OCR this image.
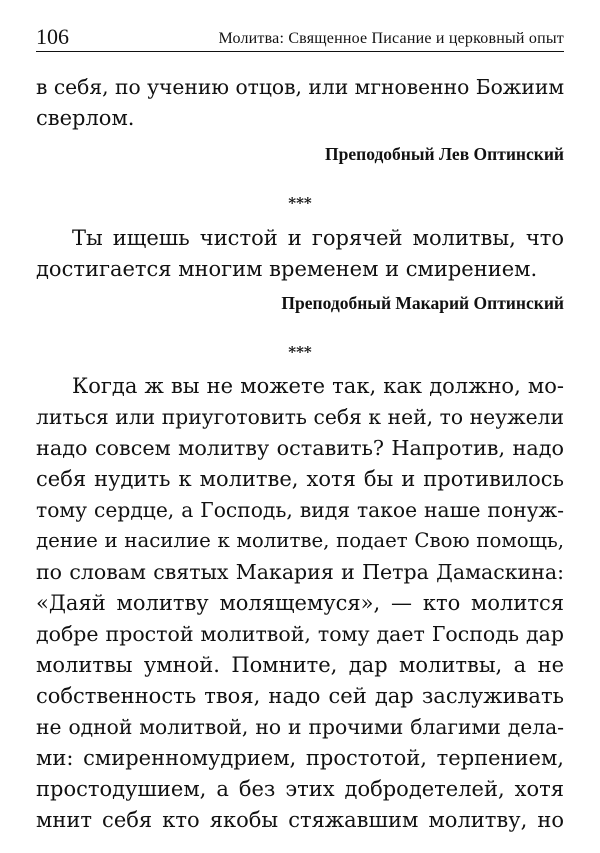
106	Молитва: Священное Писание и церковный опыт
в себя, по учению отцов, или мгновенно Божиим
сверлом.
Преподобный Лев Оптинский
***
Ты ищешь чистой и горячей молитвы, что
достигается многим временем и смирением.
Преподобный Макарий Оптинский
***
Когда ж вы не можете так, как должно, мо-
литься или приуготовить себя к ней, то неужели
надо совсем молитву оставить? Напротив, надо
себя нудить к молитве, хотя бы и противилось
тому сердце, а Господь, видя такое наше понуж-
дение и насилие к молитве, подает Свою помощь,
по словам святых Макария и Петра Дамаскина:
«Даяй молитву молящемуся», — кто молится
добре простой молитвой, тому дает Господь дар
молитвы умной. Помните, дар молитвы, а не
собственность твоя, надо сей дар заслуживать
не одной молитвой, но и прочими благими дела-
ми: смиренномудрием, простотой, терпением,
простодушием, а без этих добродетелей, хотя
мнит себя кто якобы стяжавшим молитву, но
